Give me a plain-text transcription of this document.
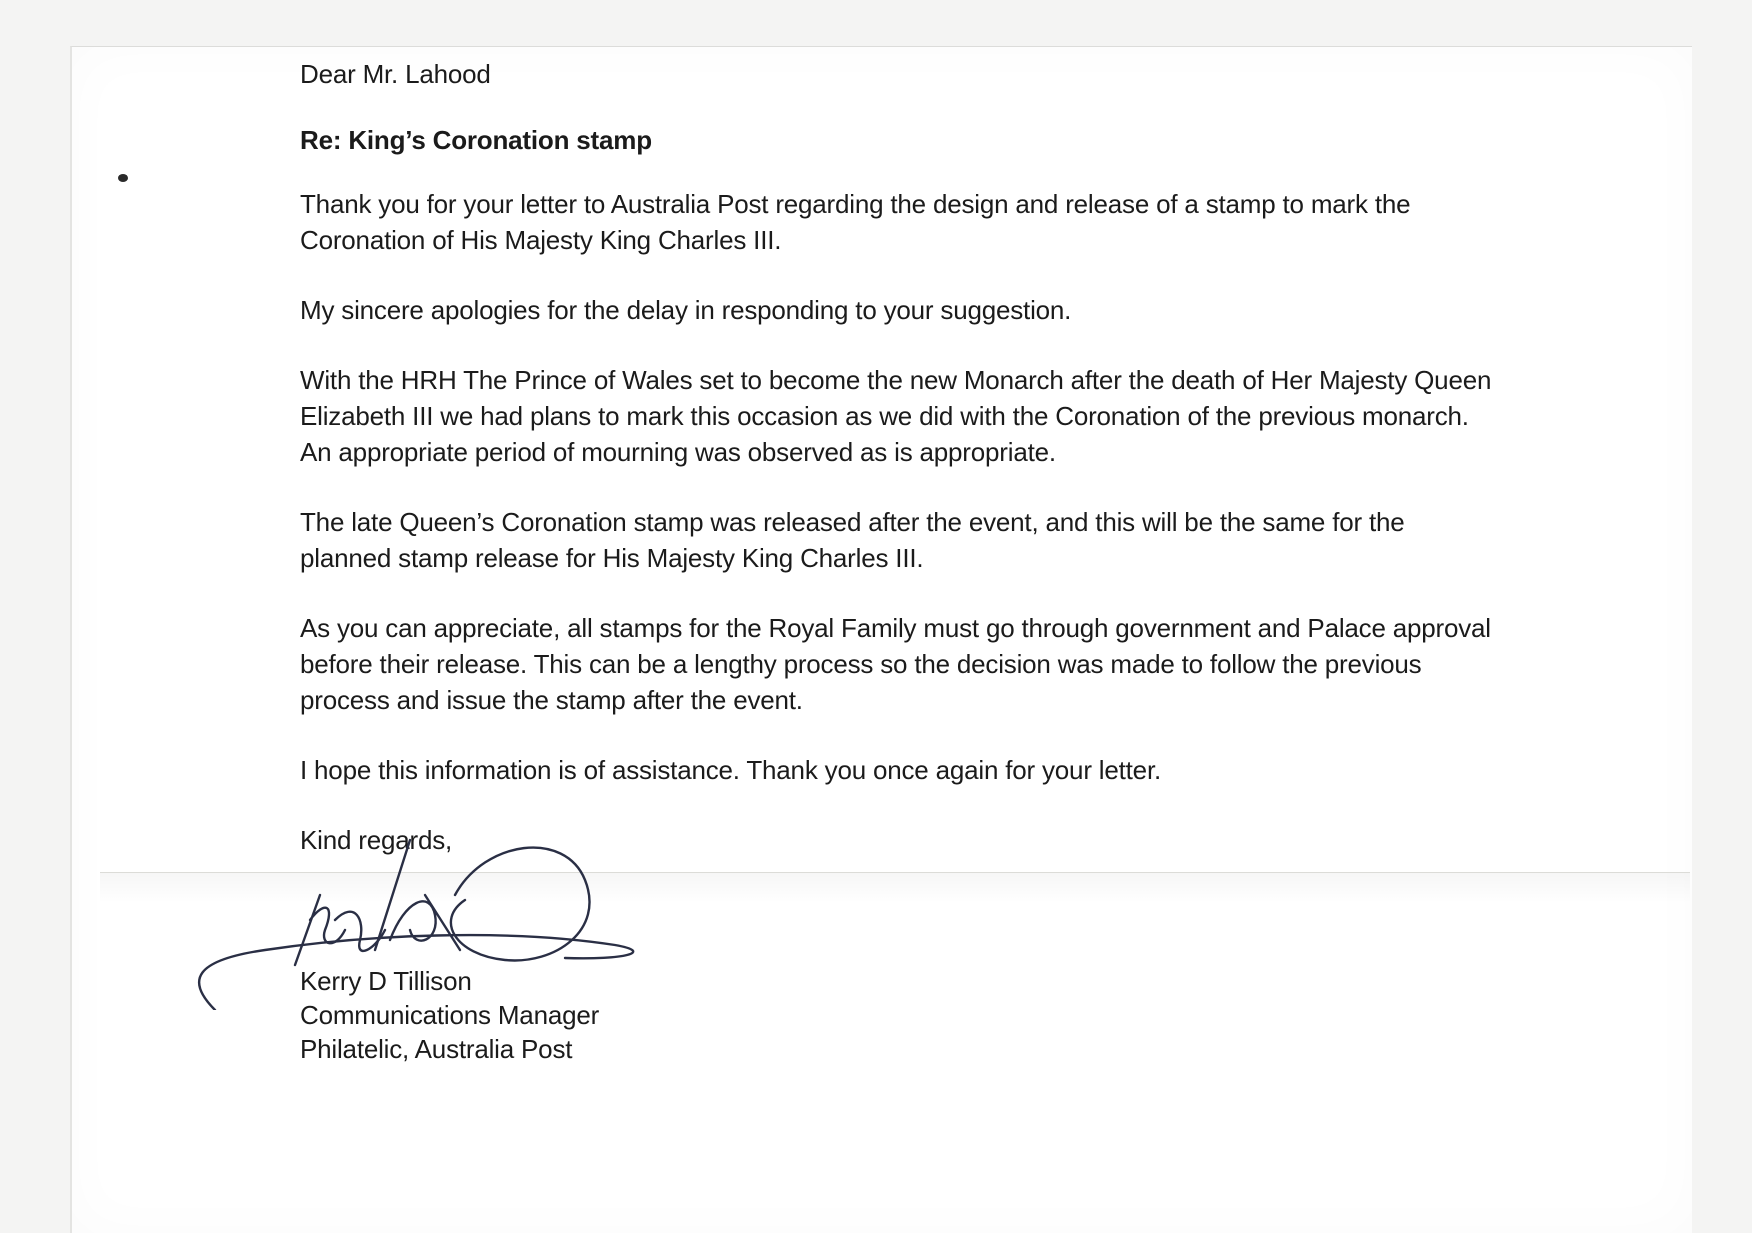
Dear Mr. Lahood

Re: King’s Coronation stamp

Thank you for your letter to Australia Post regarding the design and release of a stamp to mark the Coronation of His Majesty King Charles III.

My sincere apologies for the delay in responding to your suggestion.

With the HRH The Prince of Wales set to become the new Monarch after the death of Her Majesty Queen Elizabeth III we had plans to mark this occasion as we did with the Coronation of the previous monarch. An appropriate period of mourning was observed as is appropriate.

The late Queen’s Coronation stamp was released after the event, and this will be the same for the planned stamp release for His Majesty King Charles III.

As you can appreciate, all stamps for the Royal Family must go through government and Palace approval before their release. This can be a lengthy process so the decision was made to follow the previous process and issue the stamp after the event.

I hope this information is of assistance. Thank you once again for your letter.

Kind regards,

Kerry D Tillison

Communications Manager

Philatelic, Australia Post
